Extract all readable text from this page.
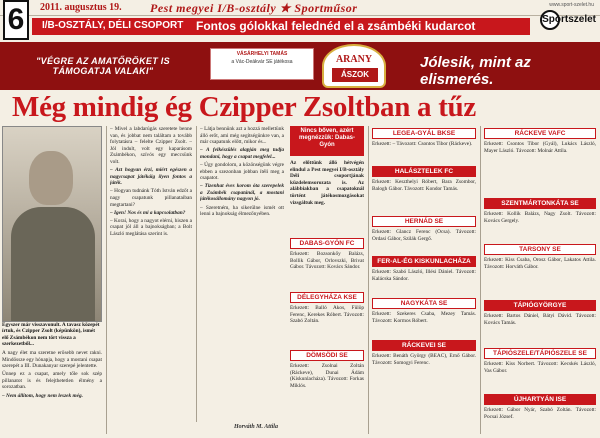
6	2011. augusztus 19. Pest megyei I/B-osztály ★ Sportműsor	www.sport-szelet.hu
Sportszelet
I/B-OSZTÁLY, DÉLI CSOPORT Fontos gólokkal felednéd el a zsámbéki kudarcot
"VÉGRE AZ AMATŐRÖKET IS TÁMOGATJA VALAKI"
VÁSÁRHELYI TAMÁS
a Vác-Deákvár SE játékosa	ARANY
ÁSZOK
Jólesik, mint az elismerés.
Még mindig ég Czipper Zsoltban a tűz
Egyszer már visszavonult. A tavasz közepét írtuk, és Czipper Zsolt (képünkön), ismét elő Zsámbékon nem tört vissza a szerkezetből...

A nagy élet ma szeretne erősebb nevet rakni. Mindössze egy hónapja, hogy a mostani csapat szerepét a III. Dunakanyar szerepé jelentette.

Ünnep ez a csapat, amely tőle sok szép pillanatot is és felejthetetlen élmény a sorozatban.

– Nem állítom, hogy nem leszek még.

– Mivel a labdarúgás szeretete benne van, és jobbat nem találtam a tovább folytatásra – felelte Czipper Zsolt. – Jól indult, volt egy kaparásom Zsámbékon, szívós egy meccsünk volt.

– Azt hogyan érzi, miért egészen a nagycsapat játékáig ilyen fontos a játék.

– Hogyan tudnánk Tóth István edzőt a nagy csapatunk pillanataiban megtartani?

– Igen! Nos és mi a kapcsolatban?

– Korai, hogy a nagyot elérni, hiszen a csapat jól áll a bajnokságban; a Bolt László meglátása szerint is.

– Látja bennünk azt a hozzá mellettünk álló erőt, ami még segítségünkre van, a már csapatunk előtt, mikor és...

– A felkészülés alapján meg tudja mondani, hogy a csapat megfelel...

– Úgy gondolom, a közönségünk végre ebben a szezonban jobban ítéli meg a csapatot.

– Tizenhat éves korom óta szerepelek a Zsámbék csapatánál, a mostani játékosállomány nagyon jó.

– Szeretném, ha sikerülne ismét ott lenni a bajnokság élmezőnyében.

Horváth M. Attila
Nincs bőven, azért megnézzük: Dabas-Gyón

Az előttünk álló hétvégén elindul a Pest megyei I/B-osztály Déli csoportjának küzdelemsorozata is. Az alábbiakban a csapatoknál történt játékosmozgásokat vizsgáltuk meg.

DABAS-GYÓN FC

Érkezett: Bozsonkőy Balázs, Bollik Gábor, Orlovszki, Brivat Gábor. Távozott: Kovács Sándor.

DÉLEGYHÁZA KSE

Érkezett: Balló Ákos, Fülöp Ferenc, Kerekes Róbert. Távozott: Szabó Zoltán.

DÖMSÖDI SE

Érkezett: Zsolnai Zoltán (Ráckeve), Dunai Ádám (Kiskunlacháza). Távozott: Forkas Miklós.

LEGEA-GYÁL BKSE

Érkezett: – Távozott: Csontos Tibor (Ráckeve).

HALÁSZTELEK FC

Érkezett: Keszthelyi Róbert, Bara Zsombor, Balogh Gábor. Távozott: Kondor Tamás.

HERNÁD SE

Érkezett: Glancz Ferenc (Ócsa). Távozott: Ordasi Gábor, Szilák Gergő.

FER-AL-ÉG KISKUNLACHÁZA

Érkezett: Szabó László, Illési Dániel. Távozott: Kalácska Sándor.

NAGYKÁTA SE

Érkezett: Szekeres Csaba, Mezey Tamás. Távozott: Kormos Róbert.

RÁCKEVEI SE

Érkezett: Benáth György (BEAC), Ernő Gábor. Távozott: Somogyi Ferenc.

RÁCKEVE VAFC

Érkezett: Csontos Tibor (Gyál), Lukács László, Mayer László. Távozott: Molnár Attila.

SZENTMÁRTONKÁTA SE

Érkezett: Kollik Balázs, Nagy Zsolt. Távozott: Kovács Gergely.

TARSONY SE

Érkezett: Kiss Csaba, Orosz Gábor, Lakatos Attila. Távozott: Horváth Gábor.

TÁPIÓGYÖRGYE

Érkezett: Bartos Dániel, Bátyi Dávid. Távozott: Kovács Tamás.

TÁPIÓSZELE/TÁPIÓSZELE SE

Érkezett: Kiss Norbert. Távozott: Kecskés László, Vas Gábor.

ÚJHARTYÁN ISE

Érkezett: Gábor Nyár, Szabó Zoltán. Távozott: Pocsai József.
